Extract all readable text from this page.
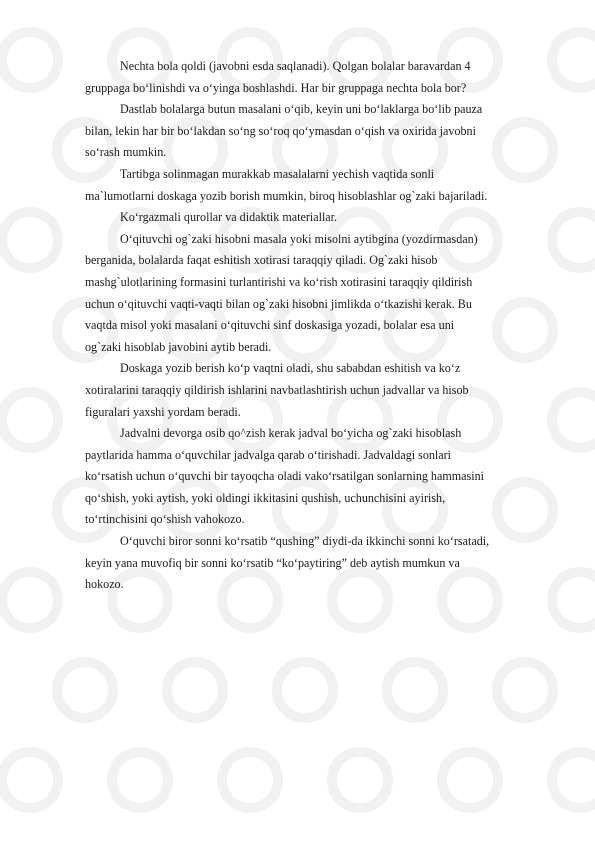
Nechta bola qoldi (javobni esda saqlanadi). Qolgan bolalar baravardan 4
gruppaga bo‘linishdi va o‘yinga boshlashdi. Har bir gruppaga nechta bola bor?

Dastlab bolalarga butun masalani o‘qib, keyin uni bo‘laklarga bo‘lib pauza
bilan, lekin har bir bo‘lakdan so‘ng so‘roq qo‘ymasdan o‘qish va oxirida javobni
so‘rash mumkin.

Tartibga solinmagan murakkab masalalarni yechish vaqtida sonli
ma`lumotlarni doskaga yozib borish mumkin, biroq hisoblashlar og`zaki bajariladi.

Ko‘rgazmali qurollar va didaktik materiallar.

O‘qituvchi og`zaki hisobni masala yoki misolni aytibgina (yozdirmasdan)
berganida, bolalarda faqat eshitish xotirasi taraqqiy qiladi. Og`zaki hisob
mashg`ulotlarining formasini turlantirishi va ko‘rish xotirasini taraqqiy qildirish
uchun o‘qituvchi vaqti-vaqti bilan og`zaki hisobni jimlikda o‘tkazishi kerak. Bu
vaqtda misol yoki masalani o‘qituvchi sinf doskasiga yozadi, bolalar esa uni
og`zaki hisoblab javobini aytib beradi.

Doskaga yozib berish ko‘p vaqtni oladi, shu sababdan eshitish va ko‘z
xotiralarini taraqqiy qildirish ishlarini navbatlashtirish uchun jadvallar va hisob
figuralari yaxshi yordam beradi.

Jadvalni devorga osib qo^zish kerak jadval bo‘yicha og`zaki hisoblash
paytlarida hamma o‘quvchilar jadvalga qarab o‘tirishadi. Jadvaldagi sonlari
ko‘rsatish uchun o‘quvchi bir tayoqcha oladi vako‘rsatilgan sonlarning hammasini
qo‘shish, yoki aytish, yoki oldingi ikkitasini qushish, uchunchisini ayirish,
to‘rtinchisini qo‘shish vahokozo.

O‘quvchi biror sonni ko‘rsatib “qushing” diydi-da ikkinchi sonni ko‘rsatadi,
keyin yana muvofiq bir sonni ko‘rsatib “ko‘paytiring” deb aytish mumkun va
hokozo.
